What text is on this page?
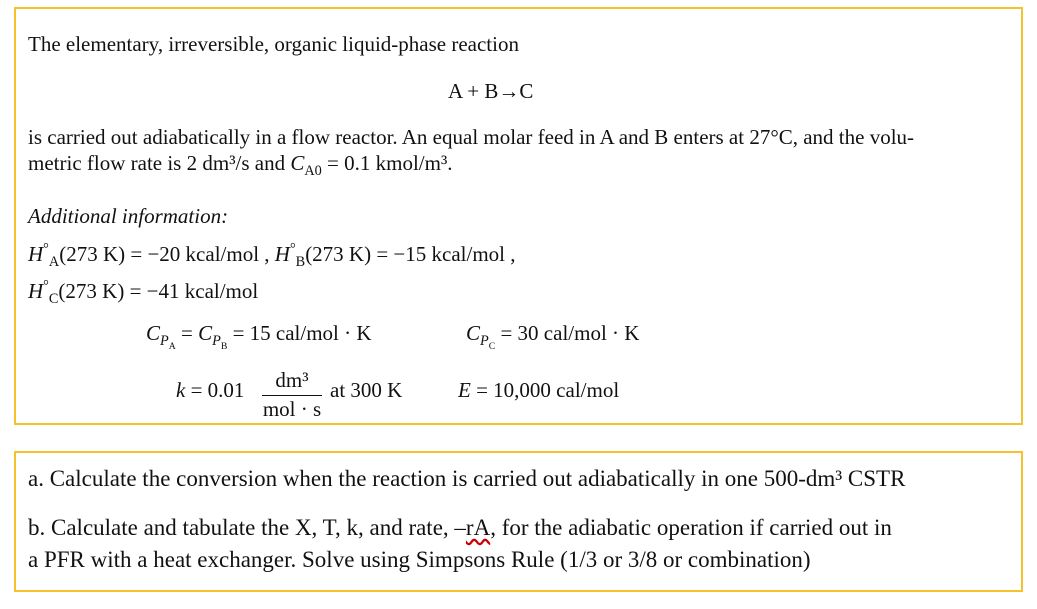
The elementary, irreversible, organic liquid-phase reaction
A + B→C
is carried out adiabatically in a flow reactor. An equal molar feed in A and B enters at 27°C, and the volu-
metric flow rate is 2 dm³/s and $C_{A0} = 0.1$ kmol/m³.
Additional information:
$H^\circ_A(273$ K) = −20 kcal/mol , $H^\circ_B(273$ K) = −15 kcal/mol ,
$H^\circ_C(273$ K) = −41 kcal/mol
$C_{P_A} = C_{P_B} = 15$ cal/mol · K	$C_{P_C} = 30$ cal/mol · K
k = 0.01	dm³
mol · s
at 300 K	E = 10,000 cal/mol
a. Calculate the conversion when the reaction is carried out adiabatically in one 500-dm³ CSTR
b. Calculate and tabulate the X, T, k, and rate, –rA, for the adiabatic operation if carried out in
a PFR with a heat exchanger. Solve using Simpsons Rule (1/3 or 3/8 or combination)
